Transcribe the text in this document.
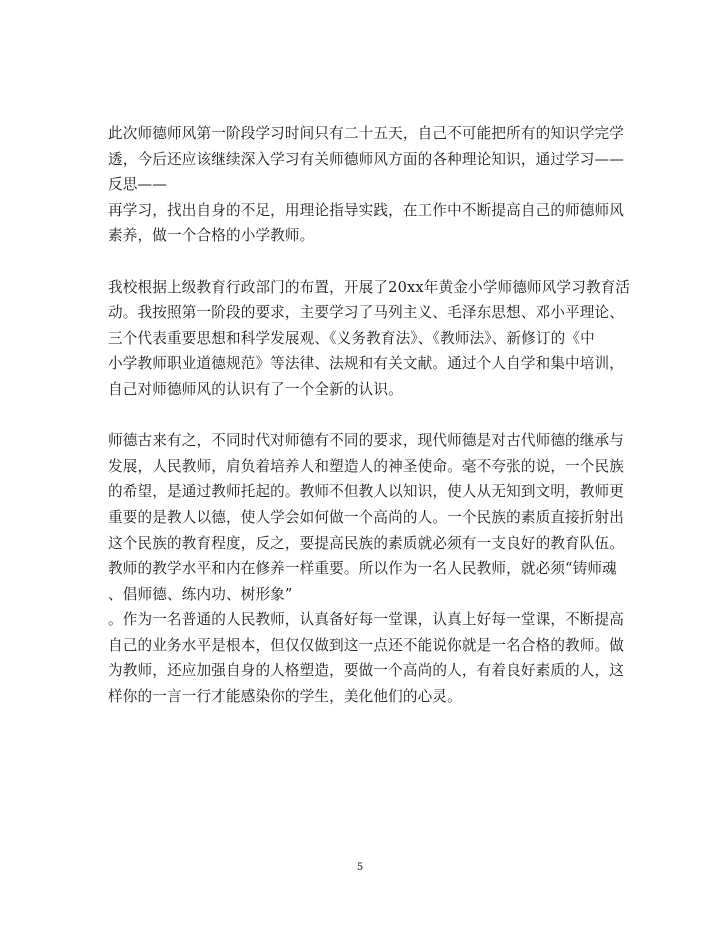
此次师德师风第一阶段学习时间只有二十五天，自己不可能把所有的知识学完学
透，今后还应该继续深入学习有关师德师风方面的各种理论知识，通过学习——
反思——
再学习，找出自身的不足，用理论指导实践，在工作中不断提高自己的师德师风
素养，做一个合格的小学教师。
我校根据上级教育行政部门的布置，开展了20xx年黄金小学师德师风学习教育活
动。我按照第一阶段的要求，主要学习了马列主义、毛泽东思想、邓小平理论、
三个代表重要思想和科学发展观、《义务教育法》、《教师法》、新修订的《中
小学教师职业道德规范》等法律、法规和有关文献。通过个人自学和集中培训，
自己对师德师风的认识有了一个全新的认识。
师德古来有之，不同时代对师德有不同的要求，现代师德是对古代师德的继承与
发展，人民教师，肩负着培养人和塑造人的神圣使命。毫不夸张的说，一个民族
的希望，是通过教师托起的。教师不但教人以知识，使人从无知到文明，教师更
重要的是教人以德，使人学会如何做一个高尚的人。一个民族的素质直接折射出
这个民族的教育程度，反之，要提高民族的素质就必须有一支良好的教育队伍。
教师的教学水平和内在修养一样重要。所以作为一名人民教师，就必须“铸师魂
、倡师德、练内功、树形象”
。作为一名普通的人民教师，认真备好每一堂课，认真上好每一堂课，不断提高
自己的业务水平是根本，但仅仅做到这一点还不能说你就是一名合格的教师。做
为教师，还应加强自身的人格塑造，要做一个高尚的人，有着良好素质的人，这
样你的一言一行才能感染你的学生，美化他们的心灵。
5
